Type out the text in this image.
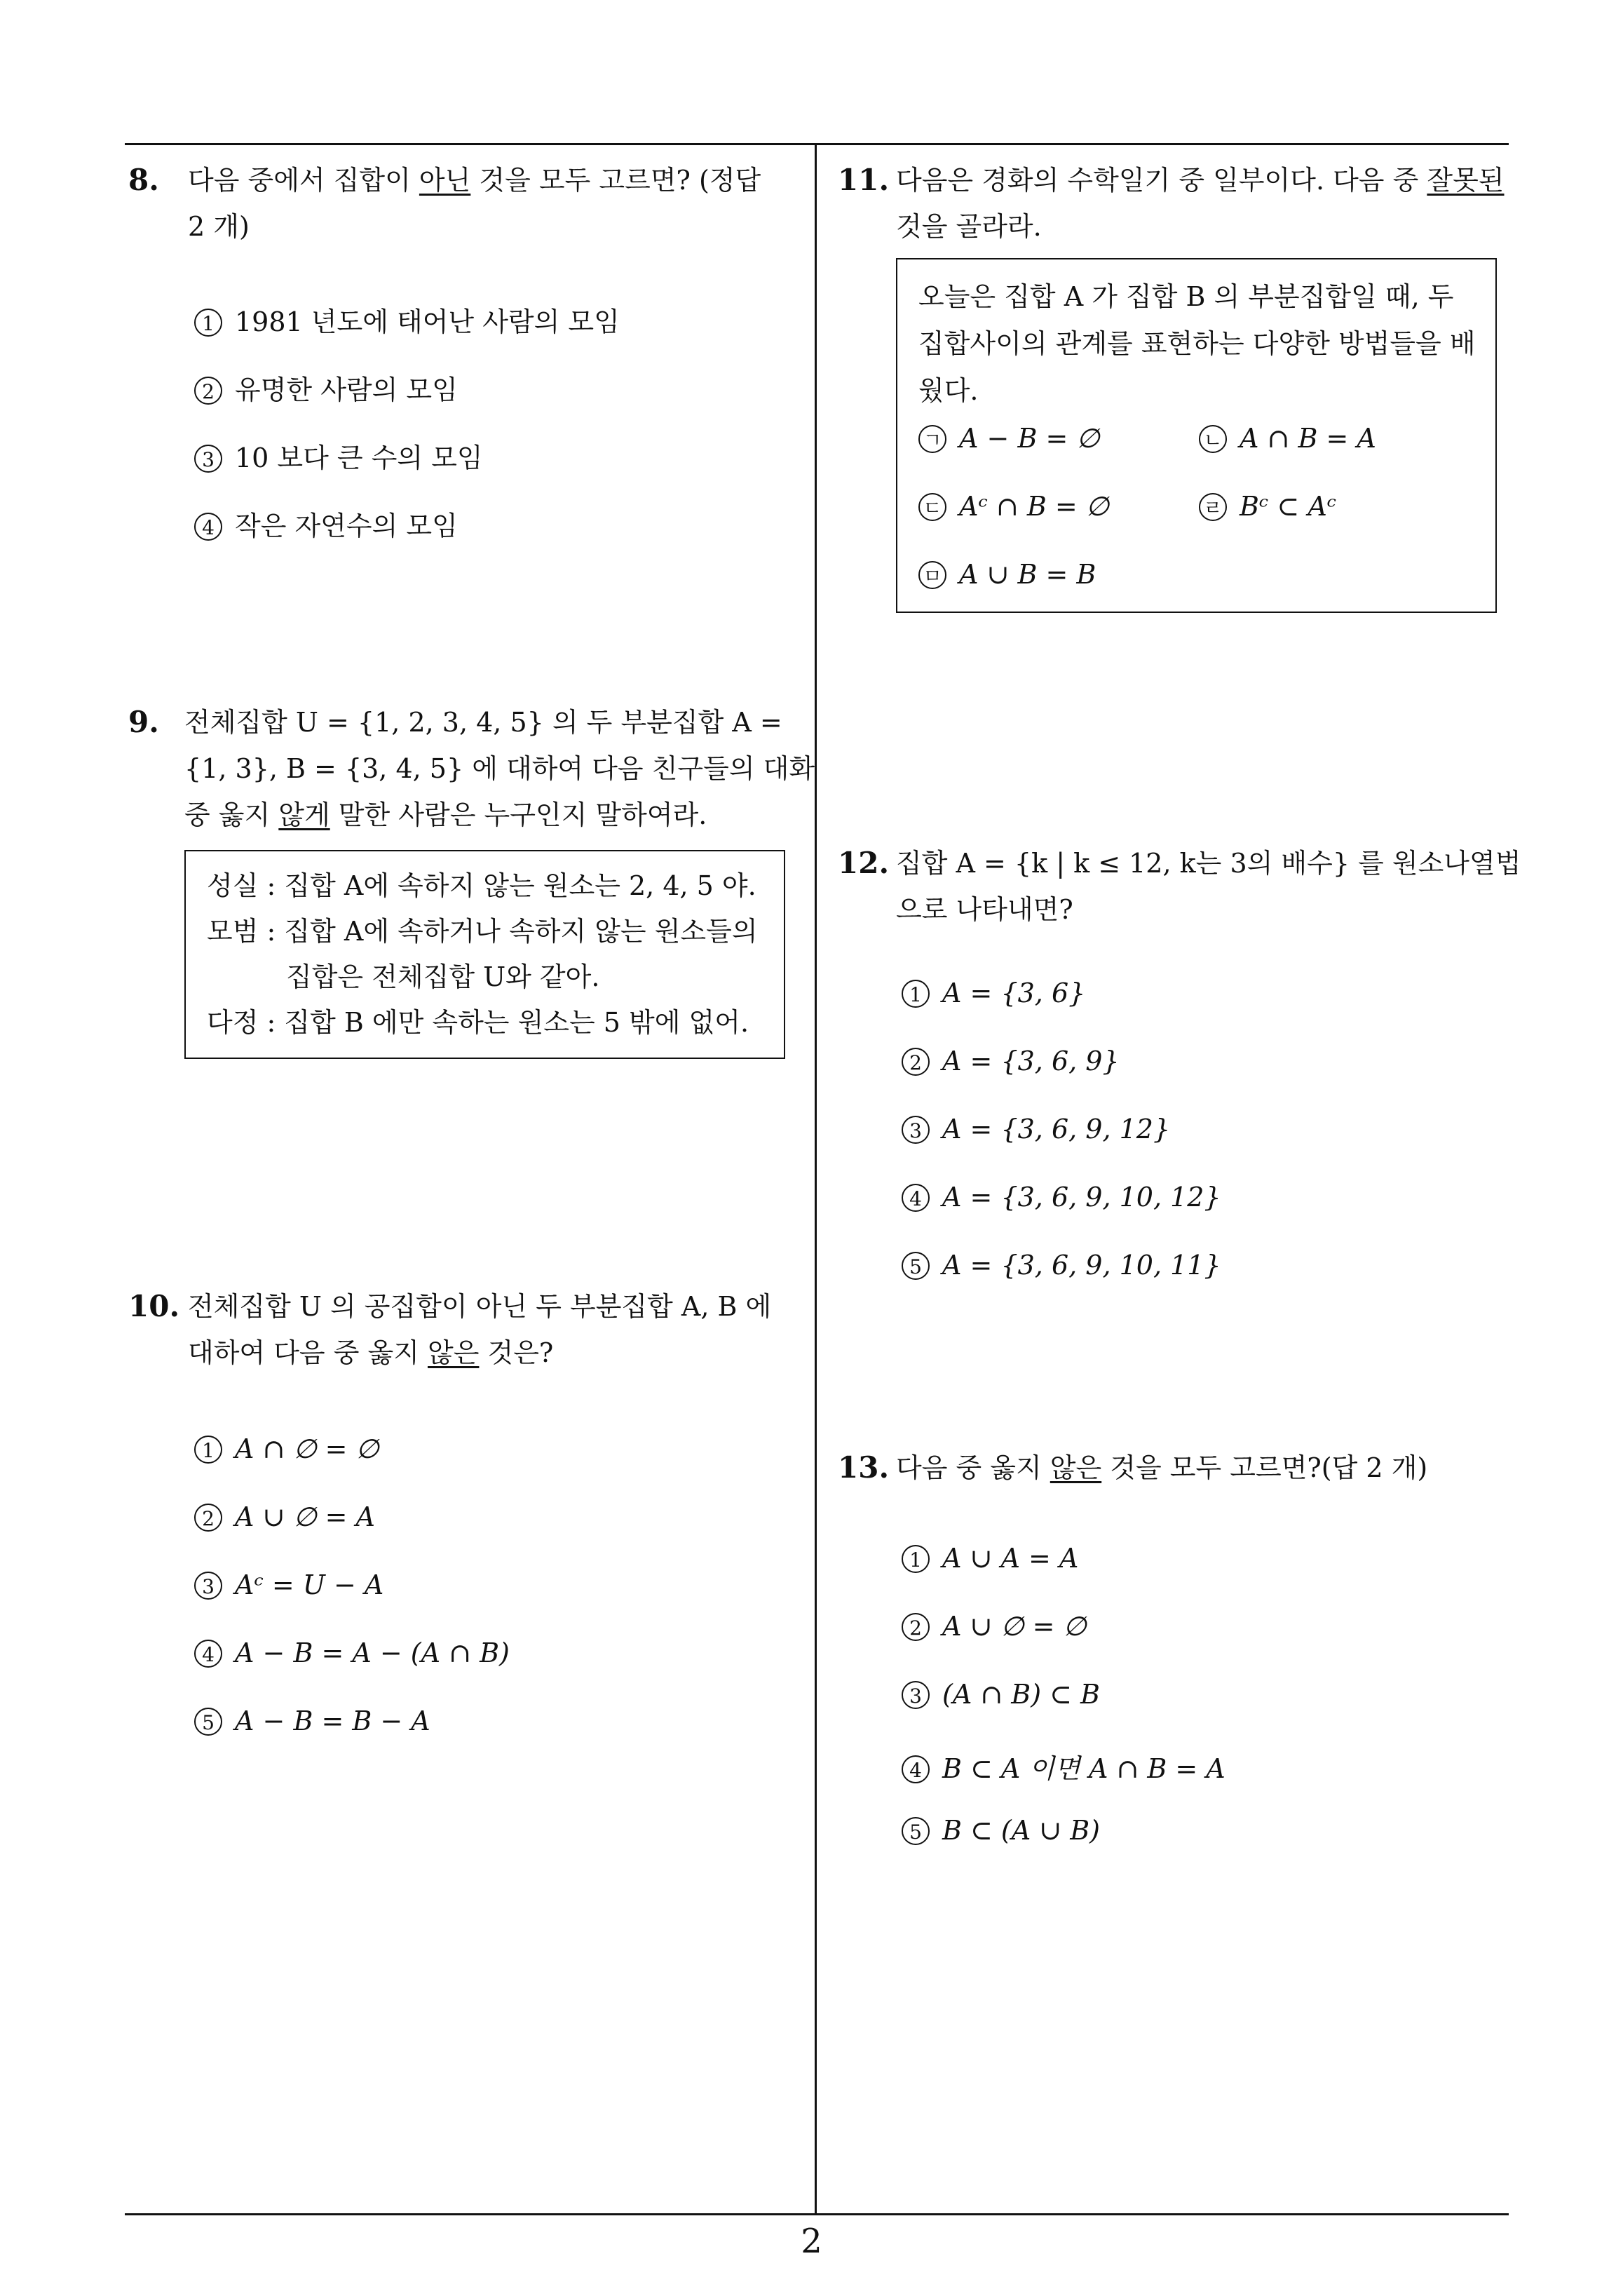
8. 다음 중에서 집합이 아닌 것을 모두 고르면? (정답
2 개)
1 1981 년도에 태어난 사람의 모임
2 유명한 사람의 모임
3 10 보다 큰 수의 모임
4 작은 자연수의 모임
9. 전체집합 U = {1, 2, 3, 4, 5} 의 두 부분집합 A =
{1, 3}, B = {3, 4, 5} 에 대하여 다음 친구들의 대화
중 옳지 않게 말한 사람은 누구인지 말하여라.
성실 : 집합 A에 속하지 않는 원소는 2, 4, 5 야.
모범 : 집합 A에 속하거나 속하지 않는 원소들의
집합은 전체집합 U와 같아.
다정 : 집합 B 에만 속하는 원소는 5 밖에 없어.
10. 전체집합 U 의 공집합이 아닌 두 부분집합 A, B 에
대하여 다음 중 옳지 않은 것은?
1 A ∩ ∅ = ∅
2 A ∪ ∅ = A
3 Aᶜ = U − A
4 A − B = A − (A ∩ B)
5 A − B = B − A
11. 다음은 경화의 수학일기 중 일부이다. 다음 중 잘못된
것을 골라라.
오늘은 집합 A 가 집합 B 의 부분집합일 때, 두
집합사이의 관계를 표현하는 다양한 방법들을 배
웠다.
ㄱ A − B = ∅	ㄴ A ∩ B = A
ㄷ Aᶜ ∩ B = ∅	ㄹ Bᶜ ⊂ Aᶜ
ㅁ A ∪ B = B
12. 집합 A = {k | k ≤ 12, k는 3의 배수} 를 원소나열법
으로 나타내면?
1 A = {3, 6}
2 A = {3, 6, 9}
3 A = {3, 6, 9, 12}
4 A = {3, 6, 9, 10, 12}
5 A = {3, 6, 9, 10, 11}
13. 다음 중 옳지 않은 것을 모두 고르면?(답 2 개)
1 A ∪ A = A
2 A ∪ ∅ = ∅
3 (A ∩ B) ⊂ B
4 B ⊂ A 이면 A ∩ B = A
5 B ⊂ (A ∪ B)
2
